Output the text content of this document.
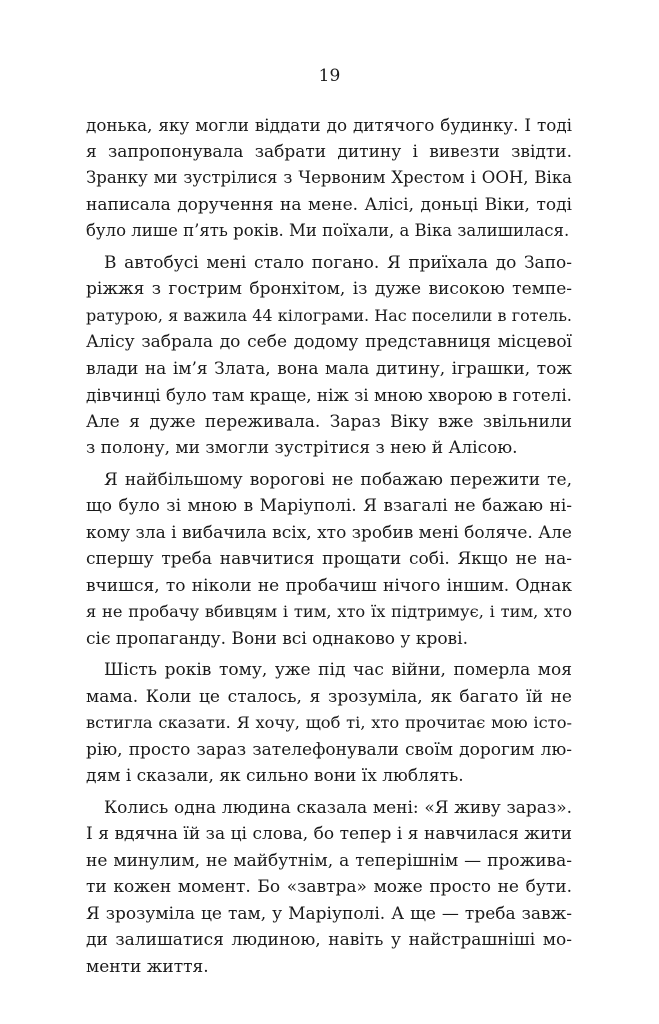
19
донька, яку могли віддати до дитячого будинку. І тоді
я запропонувала забрати дитину і вивезти звідти.
Зранку ми зустрілися з Червоним Хрестом і ООН, Віка
написала доручення на мене. Алісі, доньці Віки, тоді
було лише п’ять років. Ми поїхали, а Віка залишилася.
В автобусі мені стало погано. Я приїхала до Запо-
ріжжя з гострим бронхітом, із дуже високою темпе-
ратурою, я важила 44 кілограми. Нас поселили в готель.
Алісу забрала до себе додому представниця місцевої
влади на ім’я Злата, вона мала дитину, іграшки, тож
дівчинці було там краще, ніж зі мною хворою в готелі.
Але я дуже переживала. Зараз Віку вже звільнили
з полону, ми змогли зустрітися з нею й Алісою.
Я найбільшому ворогові не побажаю пережити те,
що було зі мною в Маріуполі. Я взагалі не бажаю ні-
кому зла і вибачила всіх, хто зробив мені боляче. Але
спершу треба навчитися прощати собі. Якщо не на-
вчишся, то ніколи не пробачиш нічого іншим. Однак
я не пробачу вбивцям і тим, хто їх підтримує, і тим, хто
сіє пропаганду. Вони всі однаково у крові.
Шість років тому, уже під час війни, померла моя
мама. Коли це сталось, я зрозуміла, як багато їй не
встигла сказати. Я хочу, щоб ті, хто прочитає мою істо-
рію, просто зараз зателефонували своїм дорогим лю-
дям і сказали, як сильно вони їх люблять.
Колись одна людина сказала мені: «Я живу зараз».
І я вдячна їй за ці слова, бо тепер і я навчилася жити
не минулим, не майбутнім, а теперішнім — прожива-
ти кожен момент. Бо «завтра» може просто не бути.
Я зрозуміла це там, у Маріуполі. А ще — треба завж-
ди залишатися людиною, навіть у найстрашніші мо-
менти життя.
